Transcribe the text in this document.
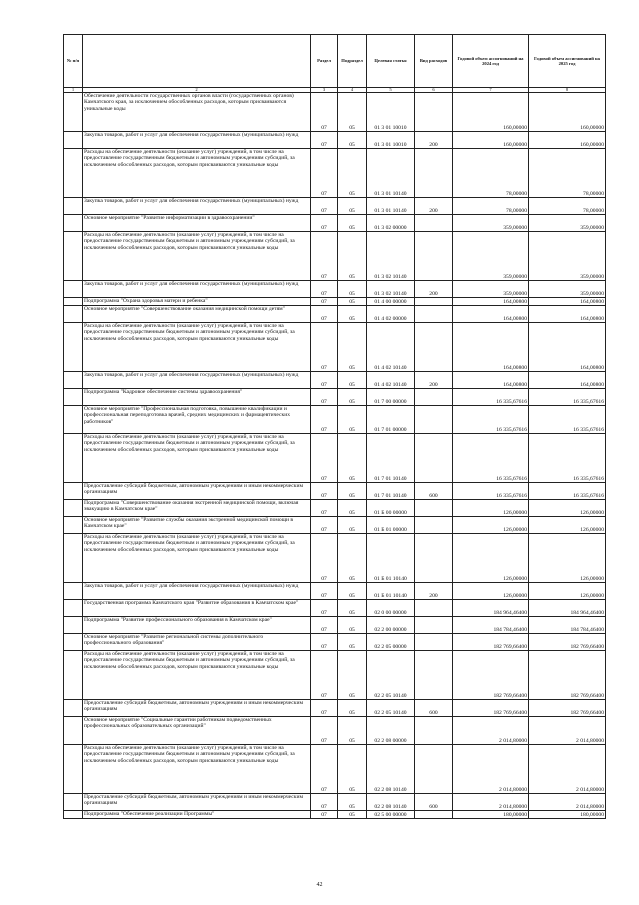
№ п/п		Раздел	Подраздел	Целевая статья	Вид расходов	Годовой объем ассигнований на 2024 год	Годовой объем ассигнований на 2025 год
1	2	3	4	5	6	7	8
	Обеспечение деятельности государственных органов власти (государственных органов) Камчатского края, за исключением обособленных расходов, которым присваиваются уникальные коды	07	05	01 3 01 10010		160,00000	160,00000
	Закупка товаров, работ и услуг для обеспечения государственных (муниципальных) нужд	07	05	01 3 01 10010	200	160,00000	160,00000
	Расходы на обеспечение деятельности (оказание услуг) учреждений, в том числе на предоставление государственным бюджетным и автономным учреждениям субсидий, за исключением обособленных расходов, которым присваиваются уникальные коды	07	05	01 3 01 10140		78,00000	78,00000
	Закупка товаров, работ и услуг для обеспечения государственных (муниципальных) нужд	07	05	01 3 01 10140	200	78,00000	78,00000
	Основное мероприятие "Развитие информатизации в здравоохранении"	07	05	01 3 02 00000		359,00000	359,00000
	Расходы на обеспечение деятельности (оказание услуг) учреждений, в том числе на предоставление государственным бюджетным и автономным учреждениям субсидий, за исключением обособленных расходов, которым присваиваются уникальные коды	07	05	01 3 02 10140		359,00000	359,00000
	Закупка товаров, работ и услуг для обеспечения государственных (муниципальных) нужд	07	05	01 3 02 10140	200	359,00000	359,00000
	Подпрограмма "Охрана здоровья матери и ребенка"	07	05	01 4 00 00000		164,00800	164,00800
	Основное мероприятие "Совершенствование оказания медицинской помощи детям"	07	05	01 4 02 00000		164,00800	164,00800
	Расходы на обеспечение деятельности (оказание услуг) учреждений, в том числе на предоставление государственным бюджетным и автономным учреждениям субсидий, за исключением обособленных расходов, которым присваиваются уникальные коды	07	05	01 4 02 10140		164,00800	164,00800
	Закупка товаров, работ и услуг для обеспечения государственных (муниципальных) нужд	07	05	01 4 02 10140	200	164,00800	164,00800
	Подпрограмма "Кадровое обеспечение системы здравоохранения"	07	05	01 7 00 00000		16 335,67616	16 335,67616
	Основное мероприятие "Профессиональная подготовка, повышение квалификации и профессиональная переподготовка врачей, средних медицинских и фармацевтических работников"	07	05	01 7 01 00000		16 335,67616	16 335,67616
	Расходы на обеспечение деятельности (оказание услуг) учреждений, в том числе на предоставление государственным бюджетным и автономным учреждениям субсидий, за исключением обособленных расходов, которым присваиваются уникальные коды	07	05	01 7 01 10140		16 335,67616	16 335,67616
	Предоставление субсидий бюджетным, автономным учреждениям и иным некоммерческим организациям	07	05	01 7 01 10140	600	16 335,67616	16 335,67616
	Подпрограмма "Совершенствование оказания экстренной медицинской помощи, включая эвакуацию в Камчатском крае"	07	05	01 Б 00 00000		126,00000	126,00000
	Основное мероприятие "Развитие службы оказания экстренной медицинской помощи в Камчатском крае"	07	05	01 Б 01 00000		126,00000	126,00000
	Расходы на обеспечение деятельности (оказание услуг) учреждений, в том числе на предоставление государственным бюджетным и автономным учреждениям субсидий, за исключением обособленных расходов, которым присваиваются уникальные коды	07	05	01 Б 01 10140		126,00000	126,00000
	Закупка товаров, работ и услуг для обеспечения государственных (муниципальных) нужд	07	05	01 Б 01 10140	200	126,00000	126,00000
	Государственная программа Камчатского края "Развитие образования в Камчатском крае"	07	05	02 0 00 00000		184 964,46400	184 964,46400
	Подпрограмма "Развитие профессионального образования в Камчатском крае"	07	05	02 2 00 00000		184 784,46400	184 784,46400
	Основное мероприятие "Развитие региональной системы дополнительного профессионального образования"	07	05	02 2 05 00000		182 769,66400	182 769,66400
	Расходы на обеспечение деятельности (оказание услуг) учреждений, в том числе на предоставление государственным бюджетным и автономным учреждениям субсидий, за исключением обособленных расходов, которым присваиваются уникальные коды	07	05	02 2 05 10140		182 769,66400	182 769,66400
	Предоставление субсидий бюджетным, автономным учреждениям и иным некоммерческим организациям	07	05	02 2 05 10140	600	182 769,66400	182 769,66400
	Основное мероприятие "Социальные гарантии работникам подведомственных профессиональных образовательных организаций"	07	05	02 2 08 00000		2 014,80000	2 014,80000
	Расходы на обеспечение деятельности (оказание услуг) учреждений, в том числе на предоставление государственным бюджетным и автономным учреждениям субсидий, за исключением обособленных расходов, которым присваиваются уникальные коды	07	05	02 2 08 10140		2 014,80000	2 014,80000
	Предоставление субсидий бюджетным, автономным учреждениям и иным некоммерческим организациям	07	05	02 2 08 10140	600	2 014,80000	2 014,80000
	Подпрограмма "Обеспечение реализации Программы"	07	05	02 5 00 00000		180,00000	180,00000
42
